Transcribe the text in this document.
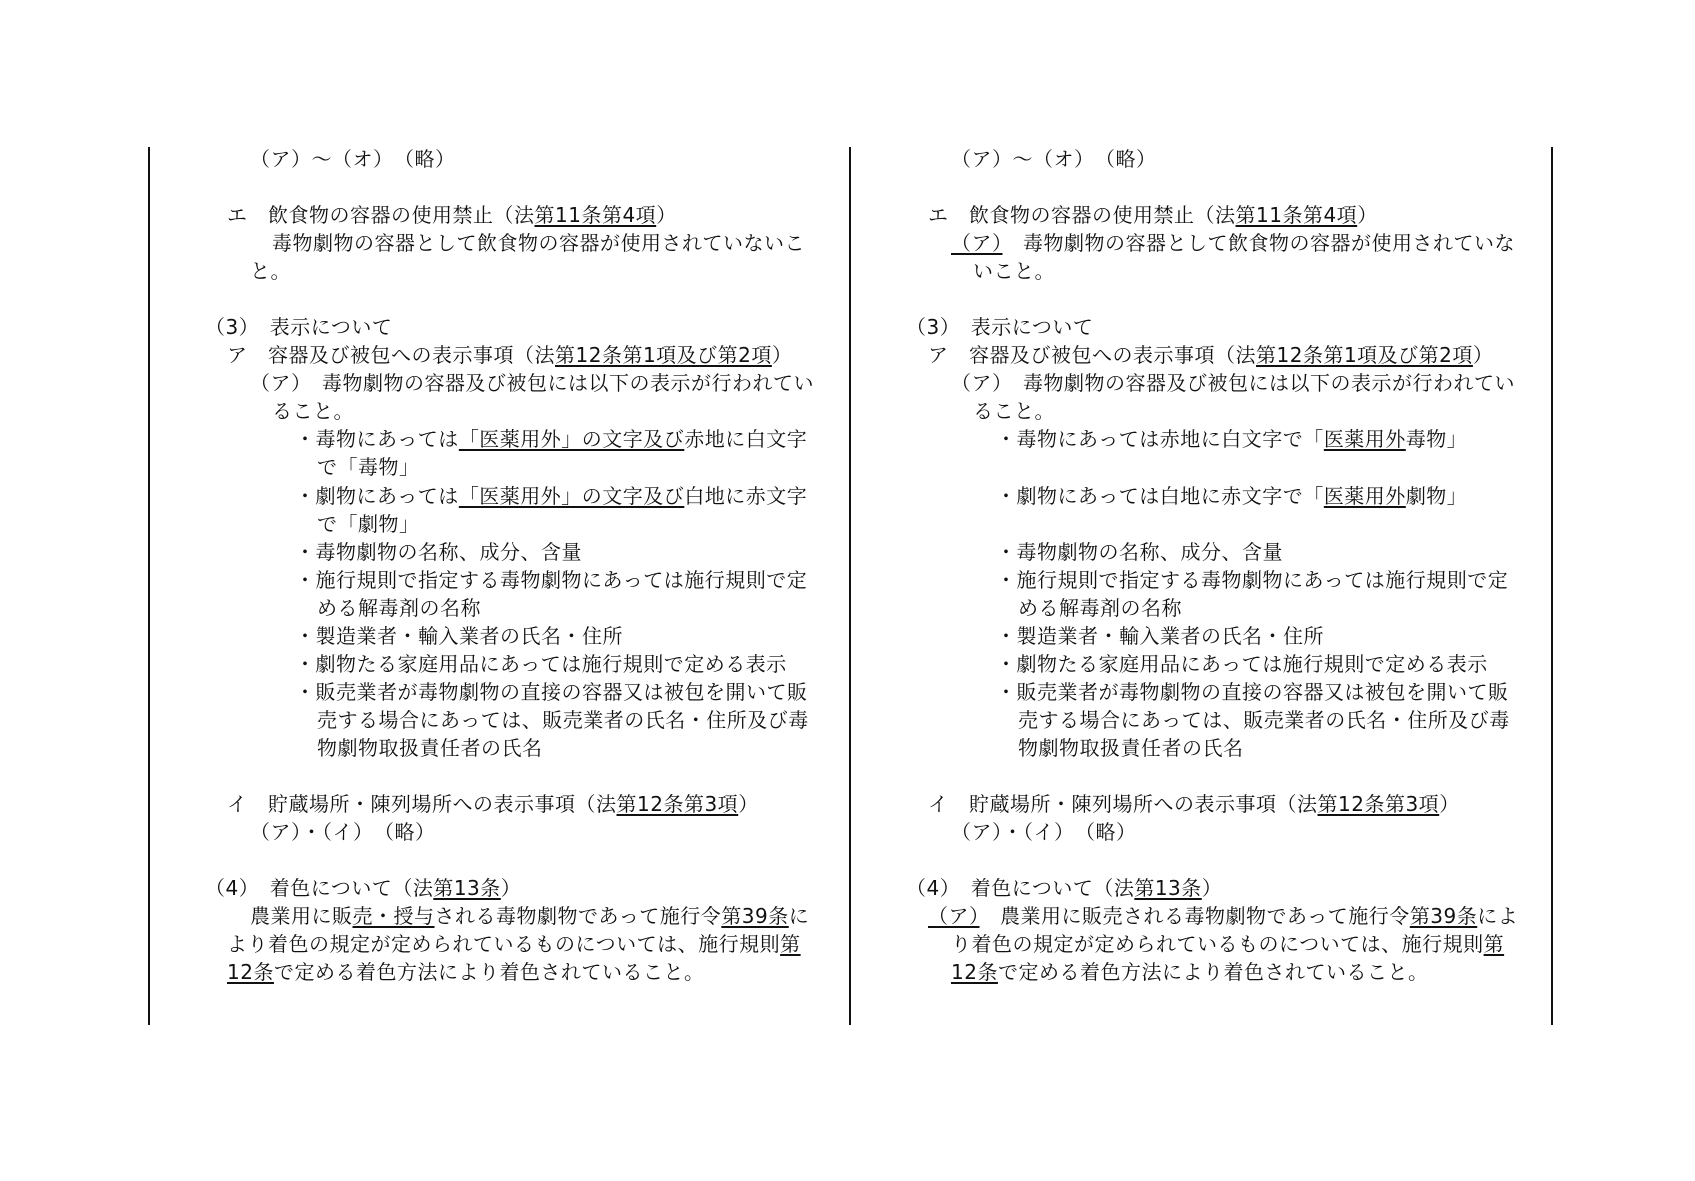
（ア）～（オ）　（略）
エ　飲食物の容器の使用禁止（法第11条第4項）
毒物劇物の容器として飲食物の容器が使用されていないこ
と。
（3）　表示について
ア　容器及び被包への表示事項（法第12条第1項及び第2項）
（ア）　毒物劇物の容器及び被包には以下の表示が行われてい
ること。
・毒物にあっては「医薬用外」の文字及び赤地に白文字
で「毒物」
・劇物にあっては「医薬用外」の文字及び白地に赤文字
で「劇物」
・毒物劇物の名称、成分、含量
・施行規則で指定する毒物劇物にあっては施行規則で定
める解毒剤の名称
・製造業者・輸入業者の氏名・住所
・劇物たる家庭用品にあっては施行規則で定める表示
・販売業者が毒物劇物の直接の容器又は被包を開いて販
売する場合にあっては、販売業者の氏名・住所及び毒
物劇物取扱責任者の氏名
イ　貯蔵場所・陳列場所への表示事項（法第12条第3項）
（ア）・（イ）　（略）
（4）　着色について（法第13条）
農業用に販売・授与される毒物劇物であって施行令第39条に
より着色の規定が定められているものについては、施行規則第
12条で定める着色方法により着色されていること。
（ア）～（オ）　（略）
エ　飲食物の容器の使用禁止（法第11条第4項）
（ア）　毒物劇物の容器として飲食物の容器が使用されていな
いこと。
（3）　表示について
ア　容器及び被包への表示事項（法第12条第1項及び第2項）
（ア）　毒物劇物の容器及び被包には以下の表示が行われてい
ること。
・毒物にあっては赤地に白文字で「医薬用外毒物」
・劇物にあっては白地に赤文字で「医薬用外劇物」
・毒物劇物の名称、成分、含量
・施行規則で指定する毒物劇物にあっては施行規則で定
める解毒剤の名称
・製造業者・輸入業者の氏名・住所
・劇物たる家庭用品にあっては施行規則で定める表示
・販売業者が毒物劇物の直接の容器又は被包を開いて販
売する場合にあっては、販売業者の氏名・住所及び毒
物劇物取扱責任者の氏名
イ　貯蔵場所・陳列場所への表示事項（法第12条第3項）
（ア）・（イ）　（略）
（4）　着色について（法第13条）
（ア）　農業用に販売される毒物劇物であって施行令第39条によ
り着色の規定が定められているものについては、施行規則第
12条で定める着色方法により着色されていること。
